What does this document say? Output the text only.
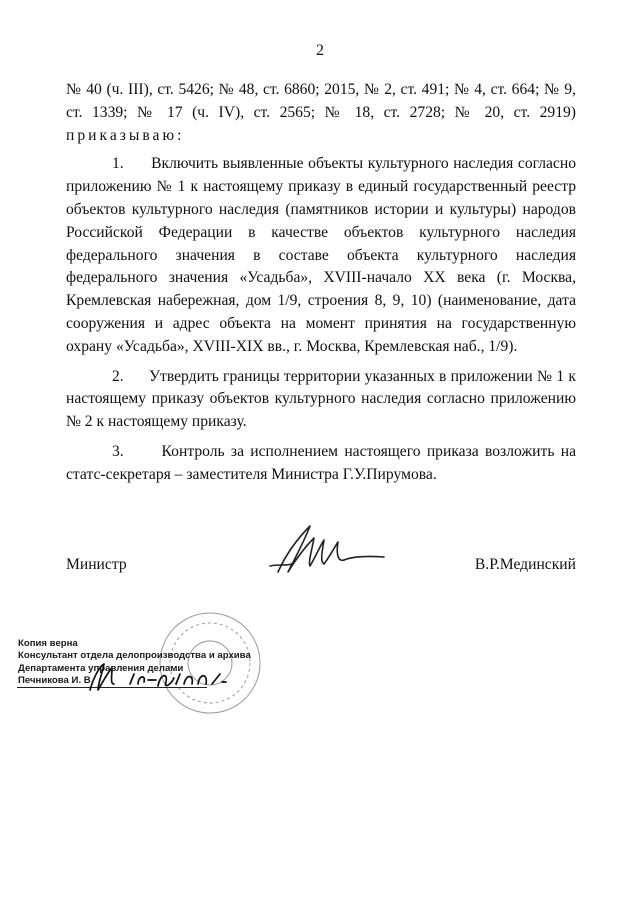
2

№ 40 (ч. III), ст. 5426; № 48, ст. 6860; 2015, № 2, ст. 491; № 4, ст. 664; № 9,

ст. 1339; № 17 (ч. IV), ст. 2565; № 18, ст. 2728; № 20, ст. 2919)

приказываю:

1. Включить выявленные объекты культурного наследия согласно приложению № 1 к настоящему приказу в единый государственный реестр объектов культурного наследия (памятников истории и культуры) народов Российской Федерации в качестве объектов культурного наследия федерального значения в составе объекта культурного наследия федерального значения «Усадьба», XVIII-начало XX века (г. Москва, Кремлевская набережная, дом 1/9, строения 8, 9, 10) (наименование, дата сооружения и адрес объекта на момент принятия на государственную охрану «Усадьба», XVIII-XIX вв., г. Москва, Кремлевская наб., 1/9).

2. Утвердить границы территории указанных в приложении № 1 к настоящему приказу объектов культурного наследия согласно приложению № 2 к настоящему приказу.

3. Контроль за исполнением настоящего приказа возложить на статс-секретаря – заместителя Министра Г.У.Пирумова.

Министр	В.Р.Мединский
Копия верна
Консультант отдела делопроизводства и архива
Департамента управления делами
Печникова И. В.
